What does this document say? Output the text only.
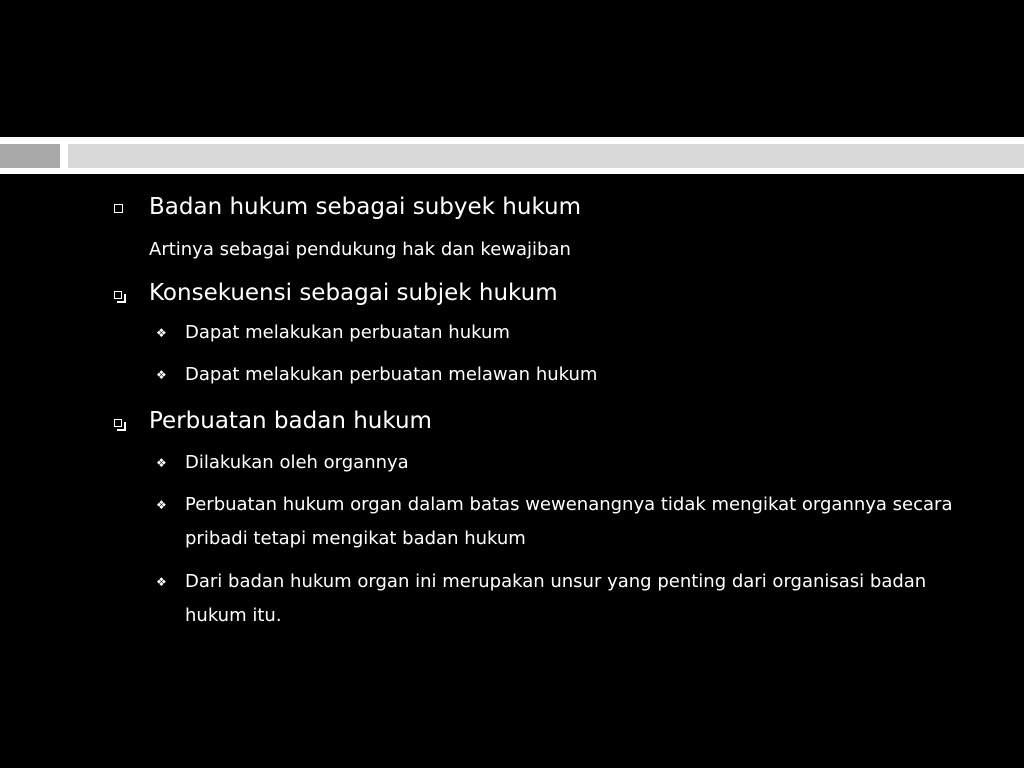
Badan hukum sebagai subyek hukum
Artinya sebagai pendukung hak dan kewajiban
Konsekuensi sebagai subjek hukum
❖ Dapat melakukan perbuatan hukum
❖ Dapat melakukan perbuatan melawan hukum
Perbuatan badan hukum
❖ Dilakukan oleh organnya
❖ Perbuatan hukum organ dalam batas wewenangnya tidak mengikat organnya secara pribadi tetapi mengikat badan hukum
❖ Dari badan hukum organ ini merupakan unsur yang penting dari organisasi badan hukum itu.
